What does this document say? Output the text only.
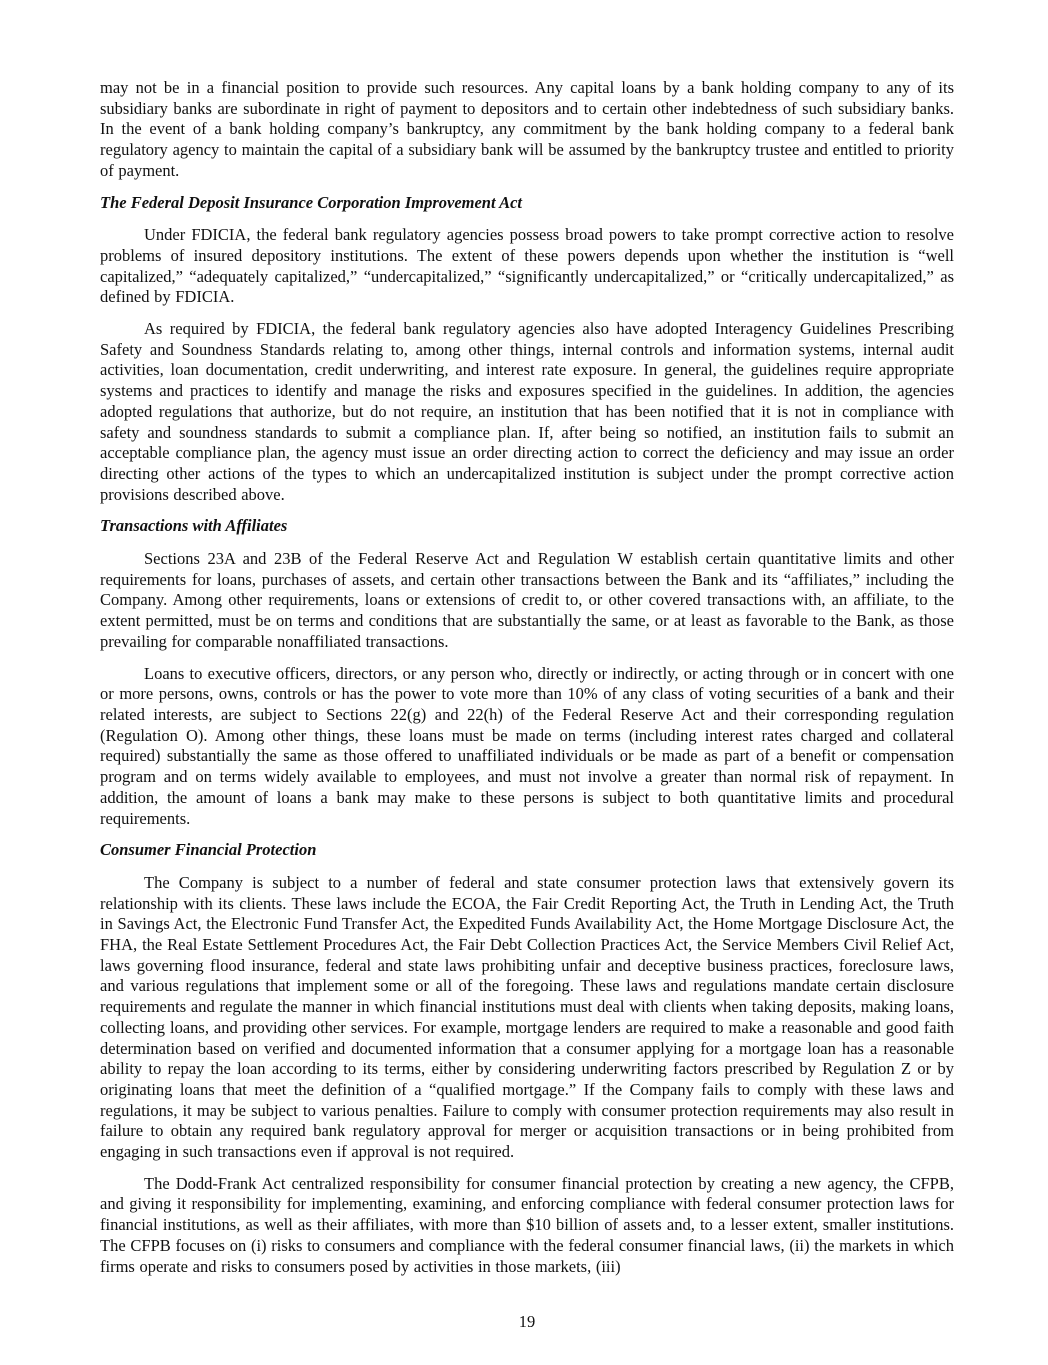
may not be in a financial position to provide such resources. Any capital loans by a bank holding company to any of its subsidiary banks are subordinate in right of payment to depositors and to certain other indebtedness of such subsidiary banks. In the event of a bank holding company’s bankruptcy, any commitment by the bank holding company to a federal bank regulatory agency to maintain the capital of a subsidiary bank will be assumed by the bankruptcy trustee and entitled to priority of payment.

The Federal Deposit Insurance Corporation Improvement Act

Under FDICIA, the federal bank regulatory agencies possess broad powers to take prompt corrective action to resolve problems of insured depository institutions. The extent of these powers depends upon whether the institution is “well capitalized,” “adequately capitalized,” “undercapitalized,” “significantly undercapitalized,” or “critically undercapitalized,” as defined by FDICIA.

As required by FDICIA, the federal bank regulatory agencies also have adopted Interagency Guidelines Prescribing Safety and Soundness Standards relating to, among other things, internal controls and information systems, internal audit activities, loan documentation, credit underwriting, and interest rate exposure. In general, the guidelines require appropriate systems and practices to identify and manage the risks and exposures specified in the guidelines. In addition, the agencies adopted regulations that authorize, but do not require, an institution that has been notified that it is not in compliance with safety and soundness standards to submit a compliance plan. If, after being so notified, an institution fails to submit an acceptable compliance plan, the agency must issue an order directing action to correct the deficiency and may issue an order directing other actions of the types to which an undercapitalized institution is subject under the prompt corrective action provisions described above.

Transactions with Affiliates

Sections 23A and 23B of the Federal Reserve Act and Regulation W establish certain quantitative limits and other requirements for loans, purchases of assets, and certain other transactions between the Bank and its “affiliates,” including the Company. Among other requirements, loans or extensions of credit to, or other covered transactions with, an affiliate, to the extent permitted, must be on terms and conditions that are substantially the same, or at least as favorable to the Bank, as those prevailing for comparable nonaffiliated transactions.

Loans to executive officers, directors, or any person who, directly or indirectly, or acting through or in concert with one or more persons, owns, controls or has the power to vote more than 10% of any class of voting securities of a bank and their related interests, are subject to Sections 22(g) and 22(h) of the Federal Reserve Act and their corresponding regulation (Regulation O). Among other things, these loans must be made on terms (including interest rates charged and collateral required) substantially the same as those offered to unaffiliated individuals or be made as part of a benefit or compensation program and on terms widely available to employees, and must not involve a greater than normal risk of repayment. In addition, the amount of loans a bank may make to these persons is subject to both quantitative limits and procedural requirements.

Consumer Financial Protection

The Company is subject to a number of federal and state consumer protection laws that extensively govern its relationship with its clients. These laws include the ECOA, the Fair Credit Reporting Act, the Truth in Lending Act, the Truth in Savings Act, the Electronic Fund Transfer Act, the Expedited Funds Availability Act, the Home Mortgage Disclosure Act, the FHA, the Real Estate Settlement Procedures Act, the Fair Debt Collection Practices Act, the Service Members Civil Relief Act, laws governing flood insurance, federal and state laws prohibiting unfair and deceptive business practices, foreclosure laws, and various regulations that implement some or all of the foregoing. These laws and regulations mandate certain disclosure requirements and regulate the manner in which financial institutions must deal with clients when taking deposits, making loans, collecting loans, and providing other services. For example, mortgage lenders are required to make a reasonable and good faith determination based on verified and documented information that a consumer applying for a mortgage loan has a reasonable ability to repay the loan according to its terms, either by considering underwriting factors prescribed by Regulation Z or by originating loans that meet the definition of a “qualified mortgage.” If the Company fails to comply with these laws and regulations, it may be subject to various penalties. Failure to comply with consumer protection requirements may also result in failure to obtain any required bank regulatory approval for merger or acquisition transactions or in being prohibited from engaging in such transactions even if approval is not required.

The Dodd-Frank Act centralized responsibility for consumer financial protection by creating a new agency, the CFPB, and giving it responsibility for implementing, examining, and enforcing compliance with federal consumer protection laws for financial institutions, as well as their affiliates, with more than $10 billion of assets and, to a lesser extent, smaller institutions. The CFPB focuses on (i) risks to consumers and compliance with the federal consumer financial laws, (ii) the markets in which firms operate and risks to consumers posed by activities in those markets, (iii)

19
